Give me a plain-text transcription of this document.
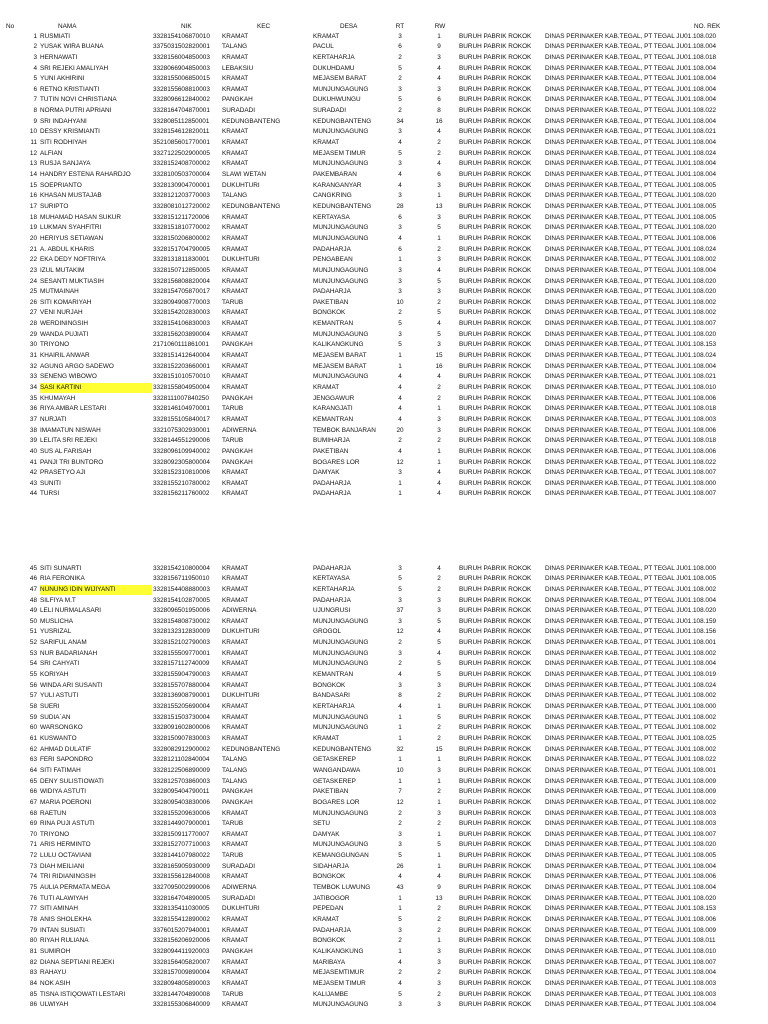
No	NAMA	NIK	KEC	DESA	RT	RW	NO. REK
1 RUSMIATI	3328154106870010	KRAMAT	KRAMAT	3	1	BURUH PABRIK ROKOK	DINAS PERINAKER KAB.TEGAL, PT TEGAL JU01.108.020
2 YUSAK WIRA BUANA	3375031502820001	TALANG	PACUL	6	9	BURUH PABRIK ROKOK	DINAS PERINAKER KAB.TEGAL, PT TEGAL JU01.108.004
3 HERNAWATI	3328156004850003	KRAMAT	KERTAHARJA	2	3	BURUH PABRIK ROKOK	DINAS PERINAKER KAB.TEGAL, PT TEGAL JU01.108.018
4 SRI REJEKI AMALIYAH	3328066904850003	LEBAKSIU	DUKUHDAMU	5	4	BURUH PABRIK ROKOK	DINAS PERINAKER KAB.TEGAL, PT TEGAL JU01.108.004
5 YUNI AKHIRINI	3328155006850015	KRAMAT	MEJASEM BARAT	2	4	BURUH PABRIK ROKOK	DINAS PERINAKER KAB.TEGAL, PT TEGAL JU01.108.004
6 RETNO KRISTIANTI	3328155608810003	KRAMAT	MUNJUNGAGUNG	3	3	BURUH PABRIK ROKOK	DINAS PERINAKER KAB.TEGAL, PT TEGAL JU01.108.004
7 TUTIN NOVI CHRISTIANA	3328096612840002	PANGKAH	DUKUHWUNGU	5	6	BURUH PABRIK ROKOK	DINAS PERINAKER KAB.TEGAL, PT TEGAL JU01.108.004
8 NORMA PUTRI APRIANI	3328164704870001	SURADADI	SURADADI	2	8	BURUH PABRIK ROKOK	DINAS PERINAKER KAB.TEGAL, PT TEGAL JU01.108.022
9 SRI INDAHYANI	3328085112850001	KEDUNGBANTENG	KEDUNGBANTENG	34	16	BURUH PABRIK ROKOK	DINAS PERINAKER KAB.TEGAL, PT TEGAL JU01.108.004
10 DESSY KRISMIANTI	3328154612820011	KRAMAT	MUNJUNGAGUNG	3	4	BURUH PABRIK ROKOK	DINAS PERINAKER KAB.TEGAL, PT TEGAL JU01.108.021
11 SITI RODHIYAH	3521085601770001	KRAMAT	KRAMAT	4	2	BURUH PABRIK ROKOK	DINAS PERINAKER KAB.TEGAL, PT TEGAL JU01.108.004
12 ALFIAN	3327122502900005	KRAMAT	MEJASEM TIMUR	5	2	BURUH PABRIK ROKOK	DINAS PERINAKER KAB.TEGAL, PT TEGAL JU01.108.024
13 RUSJA SANJAYA	3328152408700002	KRAMAT	MUNJUNGAGUNG	3	4	BURUH PABRIK ROKOK	DINAS PERINAKER KAB.TEGAL, PT TEGAL JU01.108.004
14 HANDRY ESTENA RAHARDJO	3328100503700004	SLAWI WETAN	PAKEMBARAN	4	6	BURUH PABRIK ROKOK	DINAS PERINAKER KAB.TEGAL, PT TEGAL JU01.108.004
15 SOEPRIANTO	3328130904700001	DUKUHTURI	KARANGANYAR	4	3	BURUH PABRIK ROKOK	DINAS PERINAKER KAB.TEGAL, PT TEGAL JU01.108.005
16 KHASAN MUSTAJAB	3328121203770003	TALANG	CANGKRING	3	1	BURUH PABRIK ROKOK	DINAS PERINAKER KAB.TEGAL, PT TEGAL JU01.108.020
17 SURIPTO	3328081012720002	KEDUNGBANTENG	KEDUNGBANTENG	28	13	BURUH PABRIK ROKOK	DINAS PERINAKER KAB.TEGAL, PT TEGAL JU01.108.005
18 MUHAMAD HASAN SUKUR	3328151211720006	KRAMAT	KERTAYASA	6	3	BURUH PABRIK ROKOK	DINAS PERINAKER KAB.TEGAL, PT TEGAL JU01.108.005
19 LUKMAN SYAHFITRI	3328151810770002	KRAMAT	MUNJUNGAGUNG	3	5	BURUH PABRIK ROKOK	DINAS PERINAKER KAB.TEGAL, PT TEGAL JU01.108.020
20 HERIYUS SETIAWAN	3328150206800002	KRAMAT	MUNJUNGAGUNG	4	1	BURUH PABRIK ROKOK	DINAS PERINAKER KAB.TEGAL, PT TEGAL JU01.108.006
21 A. ABDUL KHARIS	3328151704790005	KRAMAT	PADAHARJA	6	2	BURUH PABRIK ROKOK	DINAS PERINAKER KAB.TEGAL, PT TEGAL JU01.108.024
22 EKA DEDY NOFTRIYA	3328131811830001	DUKUHTURI	PENGABEAN	1	3	BURUH PABRIK ROKOK	DINAS PERINAKER KAB.TEGAL, PT TEGAL JU01.108.002
23 IZUL MUTAKIM	3328150712850005	KRAMAT	MUNJUNGAGUNG	3	4	BURUH PABRIK ROKOK	DINAS PERINAKER KAB.TEGAL, PT TEGAL JU01.108.004
24 SESANTI MUKTIASIH	3328156808820004	KRAMAT	MUNJUNGAGUNG	3	5	BURUH PABRIK ROKOK	DINAS PERINAKER KAB.TEGAL, PT TEGAL JU01.108.020
25 MUTMAINAH	3328154705870017	KRAMAT	PADAHARJA	3	3	BURUH PABRIK ROKOK	DINAS PERINAKER KAB.TEGAL, PT TEGAL JU01.108.020
26 SITI KOMARIYAH	3328094908770003	TARUB	PAKETIBAN	10	2	BURUH PABRIK ROKOK	DINAS PERINAKER KAB.TEGAL, PT TEGAL JU01.108.002
27 VENI NURJAH	3328154202830003	KRAMAT	BONGKOK	2	5	BURUH PABRIK ROKOK	DINAS PERINAKER KAB.TEGAL, PT TEGAL JU01.108.002
28 WERDININGSIH	3328154106830003	KRAMAT	KEMANTRAN	5	4	BURUH PABRIK ROKOK	DINAS PERINAKER KAB.TEGAL, PT TEGAL JU01.108.007
29 WANDA PUJIATI	3328156203890004	KRAMAT	MUNJUNGAGUNG	3	5	BURUH PABRIK ROKOK	DINAS PERINAKER KAB.TEGAL, PT TEGAL JU01.108.020
30 TRIYONO	2171060111861001	PANGKAH	KALIKANGKUNG	5	3	BURUH PABRIK ROKOK	DINAS PERINAKER KAB.TEGAL, PT TEGAL JU01.108.153
31 KHAIRIL ANWAR	3328151412640004	KRAMAT	MEJASEM BARAT	1	15	BURUH PABRIK ROKOK	DINAS PERINAKER KAB.TEGAL, PT TEGAL JU01.108.024
32 AGUNG ARGO SADEWO	3328152203660001	KRAMAT	MEJASEM BARAT	1	16	BURUH PABRIK ROKOK	DINAS PERINAKER KAB.TEGAL, PT TEGAL JU01.108.004
33 SENENG WIBOWO	3328151010570010	KRAMAT	MUNJUNGAGUNG	4	4	BURUH PABRIK ROKOK	DINAS PERINAKER KAB.TEGAL, PT TEGAL JU01.108.021
34 SASI KARTINI	3328155804950004	KRAMAT	KRAMAT	4	2	BURUH PABRIK ROKOK	DINAS PERINAKER KAB.TEGAL, PT TEGAL JU01.108.010
35 KHUMAYAH	3328111007840250	PANGKAH	JENGGAWUR	4	2	BURUH PABRIK ROKOK	DINAS PERINAKER KAB.TEGAL, PT TEGAL JU01.108.006
36 RIYA AMBAR LESTARI	3328146104970001	TARUB	KARANGJATI	4	1	BURUH PABRIK ROKOK	DINAS PERINAKER KAB.TEGAL, PT TEGAL JU01.108.018
37 NURJATI	3328155105840017	KRAMAT	KEMANTRAN	4	3	BURUH PABRIK ROKOK	DINAS PERINAKER KAB.TEGAL, PT TEGAL JU01.108.003
38 IMAMATUN NISWAH	3321075302930001	ADIWERNA	TEMBOK BANJARAN	20	3	BURUH PABRIK ROKOK	DINAS PERINAKER KAB.TEGAL, PT TEGAL JU01.108.006
39 LELITA SRI REJEKI	3328144551290006	TARUB	BUMIHARJA	2	2	BURUH PABRIK ROKOK	DINAS PERINAKER KAB.TEGAL, PT TEGAL JU01.108.018
40 SUS AL FARISAH	3328096109940002	PANGKAH	PAKETIBAN	4	1	BURUH PABRIK ROKOK	DINAS PERINAKER KAB.TEGAL, PT TEGAL JU01.108.006
41 PANJI TRI BUNTORO	3328092305800004	PANGKAH	BOGARES LOR	12	1	BURUH PABRIK ROKOK	DINAS PERINAKER KAB.TEGAL, PT TEGAL JU01.108.022
42 PRASETYO AJI	3328152310810006	KRAMAT	DAMYAK	3	4	BURUH PABRIK ROKOK	DINAS PERINAKER KAB.TEGAL, PT TEGAL JU01.108.007
43 SUNITI	3328155210780002	KRAMAT	PADAHARJA	1	4	BURUH PABRIK ROKOK	DINAS PERINAKER KAB.TEGAL, PT TEGAL JU01.108.000
44 TURSI	3328156211760002	KRAMAT	PADAHARJA	1	4	BURUH PABRIK ROKOK	DINAS PERINAKER KAB.TEGAL, PT TEGAL JU01.108.007
45 SITI SUNARTI	3328154210800004	KRAMAT	PADAHARJA	3	4	BURUH PABRIK ROKOK	DINAS PERINAKER KAB.TEGAL, PT TEGAL JU01.108.000
46 RIA FERONIKA	3328156711950010	KRAMAT	KERTAYASA	5	2	BURUH PABRIK ROKOK	DINAS PERINAKER KAB.TEGAL, PT TEGAL JU01.108.005
47 NUNUNG IDIN WIJIYANTI	3328154408880003	KRAMAT	KERTAHARJA	5	2	BURUH PABRIK ROKOK	DINAS PERINAKER KAB.TEGAL, PT TEGAL JU01.108.002
48 SILFIYA M.T	3328154102870005	KRAMAT	PADAHARJA	3	3	BURUH PABRIK ROKOK	DINAS PERINAKER KAB.TEGAL, PT TEGAL JU01.108.004
49 LELI NURMALASARI	3328096501950006	ADIWERNA	UJUNGRUSI	37	3	BURUH PABRIK ROKOK	DINAS PERINAKER KAB.TEGAL, PT TEGAL JU01.108.020
50 MUSLICHA	3328154808730002	KRAMAT	MUNJUNGAGUNG	3	5	BURUH PABRIK ROKOK	DINAS PERINAKER KAB.TEGAL, PT TEGAL JU01.108.159
51 YUSRIZAL	3328132312830009	DUKUHTURI	GROGOL	12	4	BURUH PABRIK ROKOK	DINAS PERINAKER KAB.TEGAL, PT TEGAL JU01.108.156
52 SARIFUL ANAM	3328152102790003	KRAMAT	MUNJUNGAGUNG	2	5	BURUH PABRIK ROKOK	DINAS PERINAKER KAB.TEGAL, PT TEGAL JU01.108.001
53 NUR BADARIANAH	3328155509770001	KRAMAT	MUNJUNGAGUNG	3	4	BURUH PABRIK ROKOK	DINAS PERINAKER KAB.TEGAL, PT TEGAL JU01.108.002
54 SRI CAHYATI	3328157112740009	KRAMAT	MUNJUNGAGUNG	2	5	BURUH PABRIK ROKOK	DINAS PERINAKER KAB.TEGAL, PT TEGAL JU01.108.004
55 KORIYAH	3328155904790003	KRAMAT	KEMANTRAN	4	5	BURUH PABRIK ROKOK	DINAS PERINAKER KAB.TEGAL, PT TEGAL JU01.108.019
56 WINDA ARI SUSANTI	3328155707880004	KRAMAT	BONGKOK	3	3	BURUH PABRIK ROKOK	DINAS PERINAKER KAB.TEGAL, PT TEGAL JU01.108.024
57 YULI ASTUTI	3328136908790001	DUKUHTURI	BANDASARI	8	2	BURUH PABRIK ROKOK	DINAS PERINAKER KAB.TEGAL, PT TEGAL JU01.108.002
58 SUERI	3328155205690004	KRAMAT	KERTAHARJA	4	1	BURUH PABRIK ROKOK	DINAS PERINAKER KAB.TEGAL, PT TEGAL JU01.108.000
59 SUDIA`AN	3328151503730004	KRAMAT	MUNJUNGAGUNG	1	5	BURUH PABRIK ROKOK	DINAS PERINAKER KAB.TEGAL, PT TEGAL JU01.108.002
60 WARSONGKO	3328091602800006	KRAMAT	MUNJUNGAGUNG	1	2	BURUH PABRIK ROKOK	DINAS PERINAKER KAB.TEGAL, PT TEGAL JU01.108.002
61 KUSWANTO	3328150907830003	KRAMAT	KRAMAT	1	2	BURUH PABRIK ROKOK	DINAS PERINAKER KAB.TEGAL, PT TEGAL JU01.108.025
62 AHMAD DULATIF	3328082912900002	KEDUNGBANTENG	KEDUNGBANTENG	32	15	BURUH PABRIK ROKOK	DINAS PERINAKER KAB.TEGAL, PT TEGAL JU01.108.002
63 FERI SAPONDRO	3328121102840004	TALANG	GETASKEREP	1	1	BURUH PABRIK ROKOK	DINAS PERINAKER KAB.TEGAL, PT TEGAL JU01.108.022
64 SITI FATIMAH	3328122506890009	TALANG	WANGANDAWA	10	3	BURUH PABRIK ROKOK	DINAS PERINAKER KAB.TEGAL, PT TEGAL JU01.108.001
65 DENY SULISTIOWATI	3328125703860003	TALANG	GETASKEREP	1	1	BURUH PABRIK ROKOK	DINAS PERINAKER KAB.TEGAL, PT TEGAL JU01.108.009
66 WIDIYA ASTUTI	3328095404790011	PANGKAH	PAKETIBAN	7	2	BURUH PABRIK ROKOK	DINAS PERINAKER KAB.TEGAL, PT TEGAL JU01.108.009
67 MARIA POERONI	3328095403830006	PANGKAH	BOGARES LOR	12	1	BURUH PABRIK ROKOK	DINAS PERINAKER KAB.TEGAL, PT TEGAL JU01.108.002
68 RAETUN	3328155209630006	KRAMAT	MUNJUNGAGUNG	2	3	BURUH PABRIK ROKOK	DINAS PERINAKER KAB.TEGAL, PT TEGAL JU01.108.003
69 RINA PUJI ASTUTI	3328144907900001	TARUB	SETU	2	2	BURUH PABRIK ROKOK	DINAS PERINAKER KAB.TEGAL, PT TEGAL JU01.108.003
70 TRIYONO	3328150911770007	KRAMAT	DAMYAK	3	1	BURUH PABRIK ROKOK	DINAS PERINAKER KAB.TEGAL, PT TEGAL JU01.108.007
71 ARIS HERMINTO	3328152707710003	KRAMAT	MUNJUNGAGUNG	3	5	BURUH PABRIK ROKOK	DINAS PERINAKER KAB.TEGAL, PT TEGAL JU01.108.020
72 LULU OCTAVIANI	3328144107980022	TARUB	KEMANGGUNGAN	5	1	BURUH PABRIK ROKOK	DINAS PERINAKER KAB.TEGAL, PT TEGAL JU01.108.005
73 DIAH MEILIANI	3328165905930009	SURADADI	SIDAHARJA	26	1	BURUH PABRIK ROKOK	DINAS PERINAKER KAB.TEGAL, PT TEGAL JU01.108.004
74 TRI RIDIANINGSIH	3328155612840008	KRAMAT	BONGKOK	4	4	BURUH PABRIK ROKOK	DINAS PERINAKER KAB.TEGAL, PT TEGAL JU01.108.006
75 AULIA PERMATA MEGA	3327095002990006	ADIWERNA	TEMBOK LUWUNG	43	9	BURUH PABRIK ROKOK	DINAS PERINAKER KAB.TEGAL, PT TEGAL JU01.108.004
76 TUTI ALAWIYAH	3328164704890005	SURADADI	JATIBOGOR	1	13	BURUH PABRIK ROKOK	DINAS PERINAKER KAB.TEGAL, PT TEGAL JU01.108.020
77 SITI AMINAH	3328135411030005	DUKUHTURI	PEPEDAN	1	2	BURUH PABRIK ROKOK	DINAS PERINAKER KAB.TEGAL, PT TEGAL JU01.108.153
78 ANIS SHOLEKHA	3328155412890002	KRAMAT	KRAMAT	5	2	BURUH PABRIK ROKOK	DINAS PERINAKER KAB.TEGAL, PT TEGAL JU01.108.006
79 INTAN SUSIATI	3376015207940001	KRAMAT	PADAHARJA	3	2	BURUH PABRIK ROKOK	DINAS PERINAKER KAB.TEGAL, PT TEGAL JU01.108.009
80 RIYAH RULIANA	3328156206920006	KRAMAT	BONGKOK	2	1	BURUH PABRIK ROKOK	DINAS PERINAKER KAB.TEGAL, PT TEGAL JU01.108.011
81 SUMIROH	3328094411920003	PANGKAH	KALIKANGKUNG	1	3	BURUH PABRIK ROKOK	DINAS PERINAKER KAB.TEGAL, PT TEGAL JU01.108.010
82 DIANA SEPTIANI REJEKI	3328156405820007	KRAMAT	MARIBAYA	4	3	BURUH PABRIK ROKOK	DINAS PERINAKER KAB.TEGAL, PT TEGAL JU01.108.007
83 RAHAYU	3328157009890004	KRAMAT	MEJASEMTIMUR	2	2	BURUH PABRIK ROKOK	DINAS PERINAKER KAB.TEGAL, PT TEGAL JU01.108.004
84 NOK ASIH	3328094805890003	KRAMAT	MEJASEM TIMUR	4	3	BURUH PABRIK ROKOK	DINAS PERINAKER KAB.TEGAL, PT TEGAL JU01.108.003
85 TISNA ISTIQOWATI LESTARI	3328144704890008	TARUB	KALIJAMBE	5	2	BURUH PABRIK ROKOK	DINAS PERINAKER KAB.TEGAL, PT TEGAL JU01.108.003
86 ULWIYAH	3328155306840009	KRAMAT	MUNJUNGAGUNG	3	3	BURUH PABRIK ROKOK	DINAS PERINAKER KAB.TEGAL, PT TEGAL JU01.108.004
